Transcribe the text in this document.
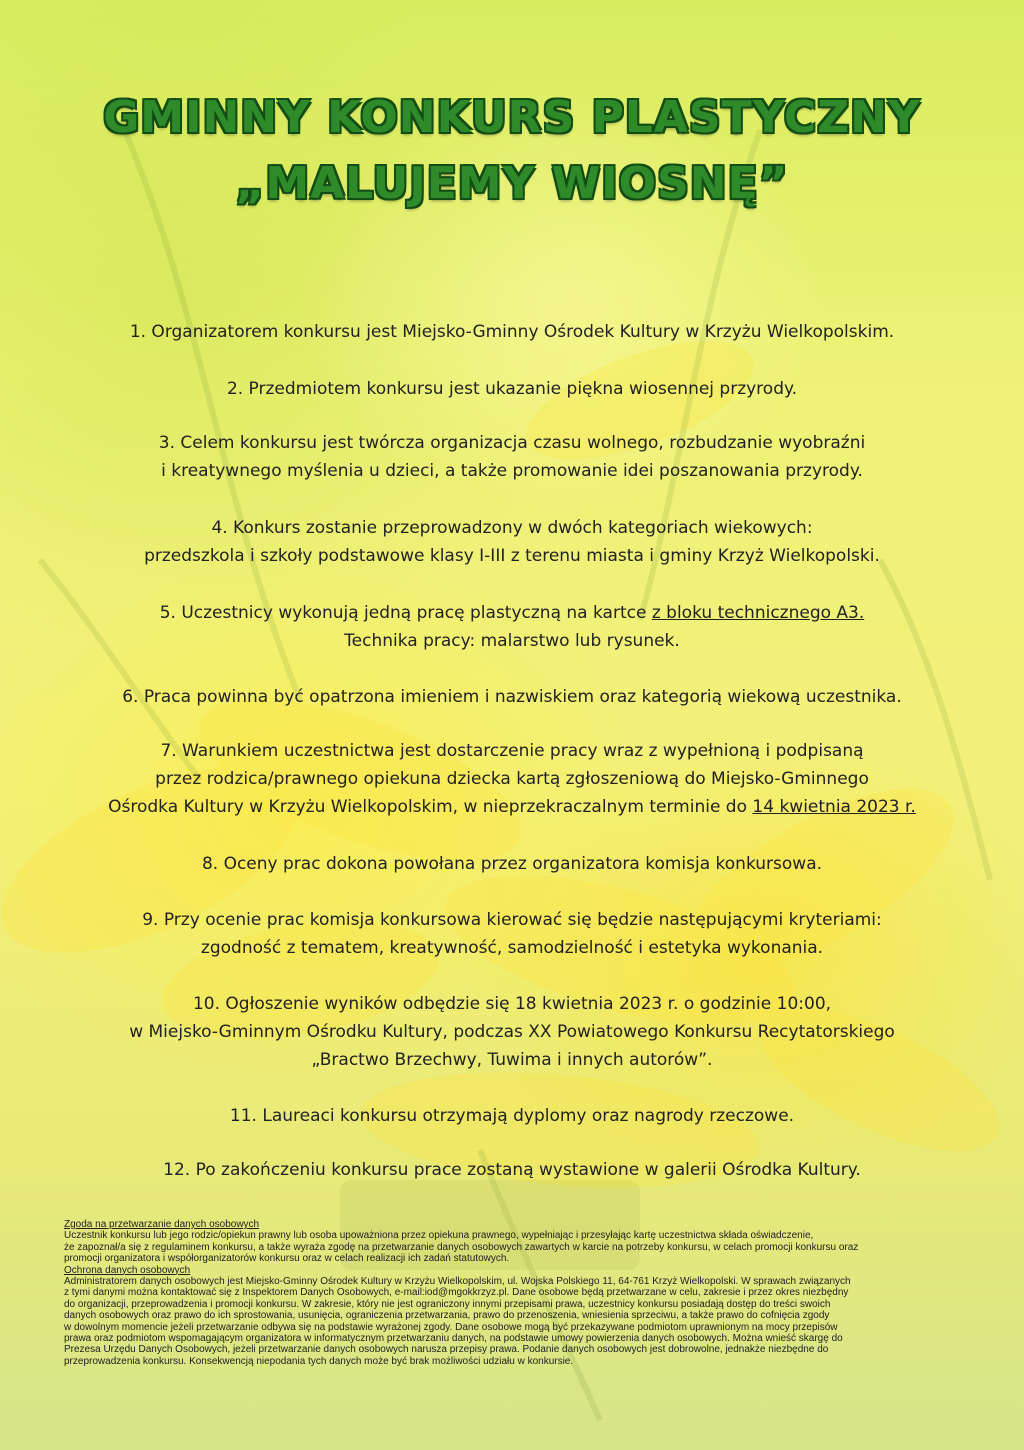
GMINNY KONKURS PLASTYCZNY
„MALUJEMY WIOSNĘ”

1. Organizatorem konkursu jest Miejsko-Gminny Ośrodek Kultury w Krzyżu Wielkopolskim.

2. Przedmiotem konkursu jest ukazanie piękna wiosennej przyrody.

3. Celem konkursu jest twórcza organizacja czasu wolnego, rozbudzanie wyobraźni

i kreatywnego myślenia u dzieci, a także promowanie idei poszanowania przyrody.

4. Konkurs zostanie przeprowadzony w dwóch kategoriach wiekowych:

przedszkola i szkoły podstawowe klasy I-III z terenu miasta i gminy Krzyż Wielkopolski.

5. Uczestnicy wykonują jedną pracę plastyczną na kartce z bloku technicznego A3.

Technika pracy: malarstwo lub rysunek.

6. Praca powinna być opatrzona imieniem i nazwiskiem oraz kategorią wiekową uczestnika.

7. Warunkiem uczestnictwa jest dostarczenie pracy wraz z wypełnioną i podpisaną

przez rodzica/prawnego opiekuna dziecka kartą zgłoszeniową do Miejsko-Gminnego

Ośrodka Kultury w Krzyżu Wielkopolskim, w nieprzekraczalnym terminie do 14 kwietnia 2023 r.

8. Oceny prac dokona powołana przez organizatora komisja konkursowa.

9. Przy ocenie prac komisja konkursowa kierować się będzie następującymi kryteriami:

zgodność z tematem, kreatywność, samodzielność i estetyka wykonania.

10. Ogłoszenie wyników odbędzie się 18 kwietnia 2023 r. o godzinie 10:00,

w Miejsko-Gminnym Ośrodku Kultury, podczas XX Powiatowego Konkursu Recytatorskiego

„Bractwo Brzechwy, Tuwima i innych autorów”.

11. Laureaci konkursu otrzymają dyplomy oraz nagrody rzeczowe.

12. Po zakończeniu konkursu prace zostaną wystawione w galerii Ośrodka Kultury.

Zgoda na przetwarzanie danych osobowych

Uczestnik konkursu lub jego rodzic/opiekun prawny lub osoba upoważniona przez opiekuna prawnego, wypełniając i przesyłając kartę uczestnictwa składa oświadczenie,

że zapoznał/a się z regulaminem konkursu, a także wyraża zgodę na przetwarzanie danych osobowych zawartych w karcie na potrzeby konkursu, w celach promocji konkursu oraz

promocji organizatora i współorganizatorów konkursu oraz w celach realizacji ich zadań statutowych.

Ochrona danych osobowych

Administratorem danych osobowych jest Miejsko-Gminny Ośrodek Kultury w Krzyżu Wielkopolskim, ul. Wojska Polskiego 11, 64-761 Krzyż Wielkopolski. W sprawach związanych

z tymi danymi można kontaktować się z Inspektorem Danych Osobowych, e-mail:iod@mgokkrzyz.pl. Dane osobowe będą przetwarzane w celu, zakresie i przez okres niezbędny

do organizacji, przeprowadzenia i promocji konkursu. W zakresie, który nie jest ograniczony innymi przepisami prawa, uczestnicy konkursu posiadają dostęp do treści swoich

danych osobowych oraz prawo do ich sprostowania, usunięcia, ograniczenia przetwarzania, prawo do przenoszenia, wniesienia sprzeciwu, a także prawo do cofnięcia zgody

w dowolnym momencie jeżeli przetwarzanie odbywa się na podstawie wyrażonej zgody. Dane osobowe mogą być przekazywane podmiotom uprawnionym na mocy przepisów

prawa oraz podmiotom wspomagającym organizatora w informatycznym przetwarzaniu danych, na podstawie umowy powierzenia danych osobowych. Można wnieść skargę do

Prezesa Urzędu Danych Osobowych, jeżeli przetwarzanie danych osobowych narusza przepisy prawa. Podanie danych osobowych jest dobrowolne, jednakże niezbędne do

przeprowadzenia konkursu. Konsekwencją niepodania tych danych może być brak możliwości udziału w konkursie.
